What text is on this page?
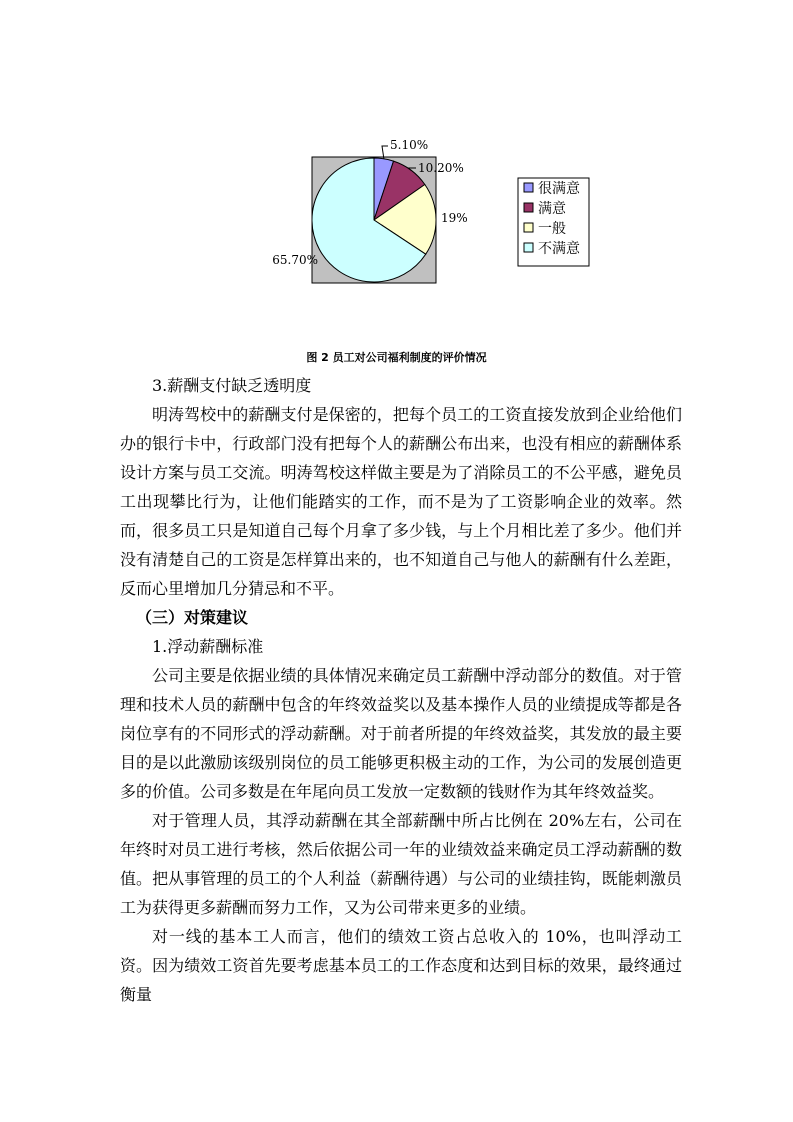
5.10%
10.20%
19%
65.70%
很满意
满意
一般
不满意
图 2 员工对公司福利制度的评价情况

3.薪酬支付缺乏透明度

明涛驾校中的薪酬支付是保密的，把每个员工的工资直接发放到企业给他们办的银行卡中，行政部门没有把每个人的薪酬公布出来，也没有相应的薪酬体系设计方案与员工交流。明涛驾校这样做主要是为了消除员工的不公平感，避免员工出现攀比行为，让他们能踏实的工作，而不是为了工资影响企业的效率。然而，很多员工只是知道自己每个月拿了多少钱，与上个月相比差了多少。他们并没有清楚自己的工资是怎样算出来的，也不知道自己与他人的薪酬有什么差距，反而心里增加几分猜忌和不平。

（三）对策建议

1.浮动薪酬标准

公司主要是依据业绩的具体情况来确定员工薪酬中浮动部分的数值。对于管理和技术人员的薪酬中包含的年终效益奖以及基本操作人员的业绩提成等都是各岗位享有的不同形式的浮动薪酬。对于前者所提的年终效益奖，其发放的最主要目的是以此激励该级别岗位的员工能够更积极主动的工作，为公司的发展创造更多的价值。公司多数是在年尾向员工发放一定数额的钱财作为其年终效益奖。

对于管理人员，其浮动薪酬在其全部薪酬中所占比例在 20%左右，公司在年终时对员工进行考核，然后依据公司一年的业绩效益来确定员工浮动薪酬的数值。把从事管理的员工的个人利益（薪酬待遇）与公司的业绩挂钩，既能刺激员工为获得更多薪酬而努力工作，又为公司带来更多的业绩。

对一线的基本工人而言，他们的绩效工资占总收入的 10%，也叫浮动工资。因为绩效工资首先要考虑基本员工的工作态度和达到目标的效果，最终通过衡量
